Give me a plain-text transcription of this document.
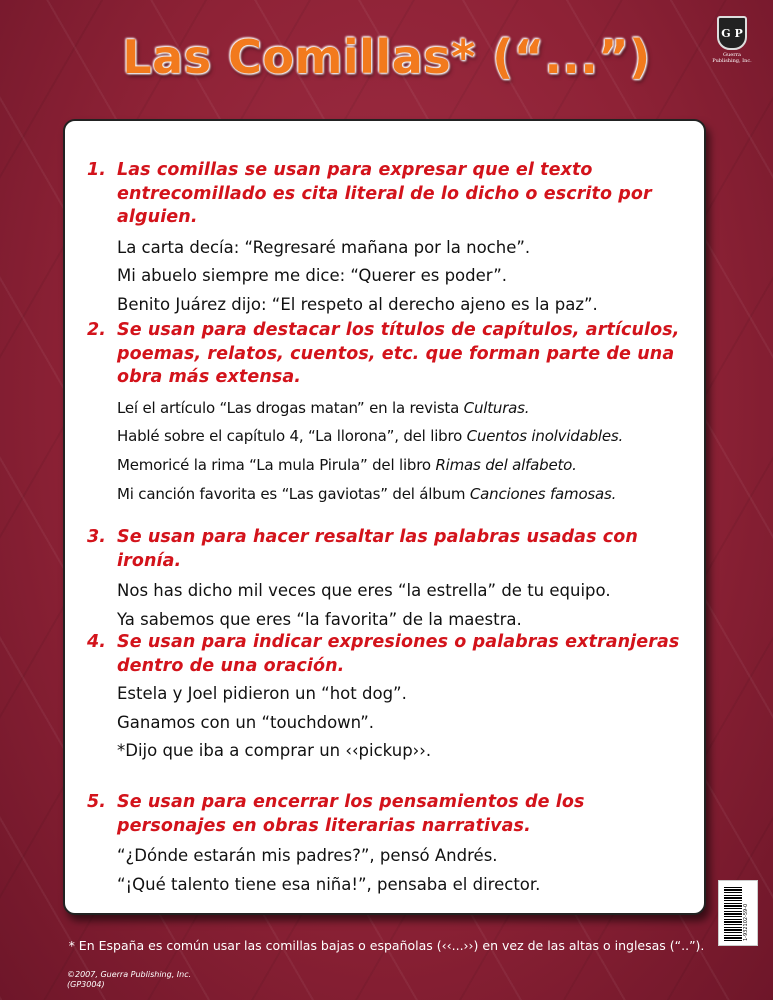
Las Comillas* (“...”)	G P
Guerra Publishing, Inc.
1. Las comillas se usan para expresar que el texto entrecomillado es cita literal de lo dicho o escrito por alguien.
La carta decía: “Regresaré mañana por la noche”.
Mi abuelo siempre me dice: “Querer es poder”.
Benito Juárez dijo: “El respeto al derecho ajeno es la paz”.
2. Se usan para destacar los títulos de capítulos, artículos, poemas, relatos, cuentos, etc. que forman parte de una obra más extensa.
Leí el artículo “Las drogas matan” en la revista Culturas.
Hablé sobre el capítulo 4, “La llorona”, del libro Cuentos inolvidables.
Memoricé la rima “La mula Pirula” del libro Rimas del alfabeto.
Mi canción favorita es “Las gaviotas” del álbum Canciones famosas.
3. Se usan para hacer resaltar las palabras usadas con ironía.
Nos has dicho mil veces que eres “la estrella” de tu equipo.
Ya sabemos que eres “la favorita” de la maestra.
4. Se usan para indicar expresiones o palabras extranjeras dentro de una oración.
Estela y Joel pidieron un “hot dog”.
Ganamos con un “touchdown”.
*Dijo que iba a comprar un ‹‹pickup››.
5. Se usan para encerrar los pensamientos de los personajes en obras literarias narrativas.
“¿Dónde estarán mis padres?”, pensó Andrés.
“¡Qué talento tiene esa niña!”, pensaba el director.
1-932102-59-0
* En España es común usar las comillas bajas o españolas (‹‹...››) en vez de las altas o inglesas (“..”).
©2007, Guerra Publishing, Inc.
(GP3004)
